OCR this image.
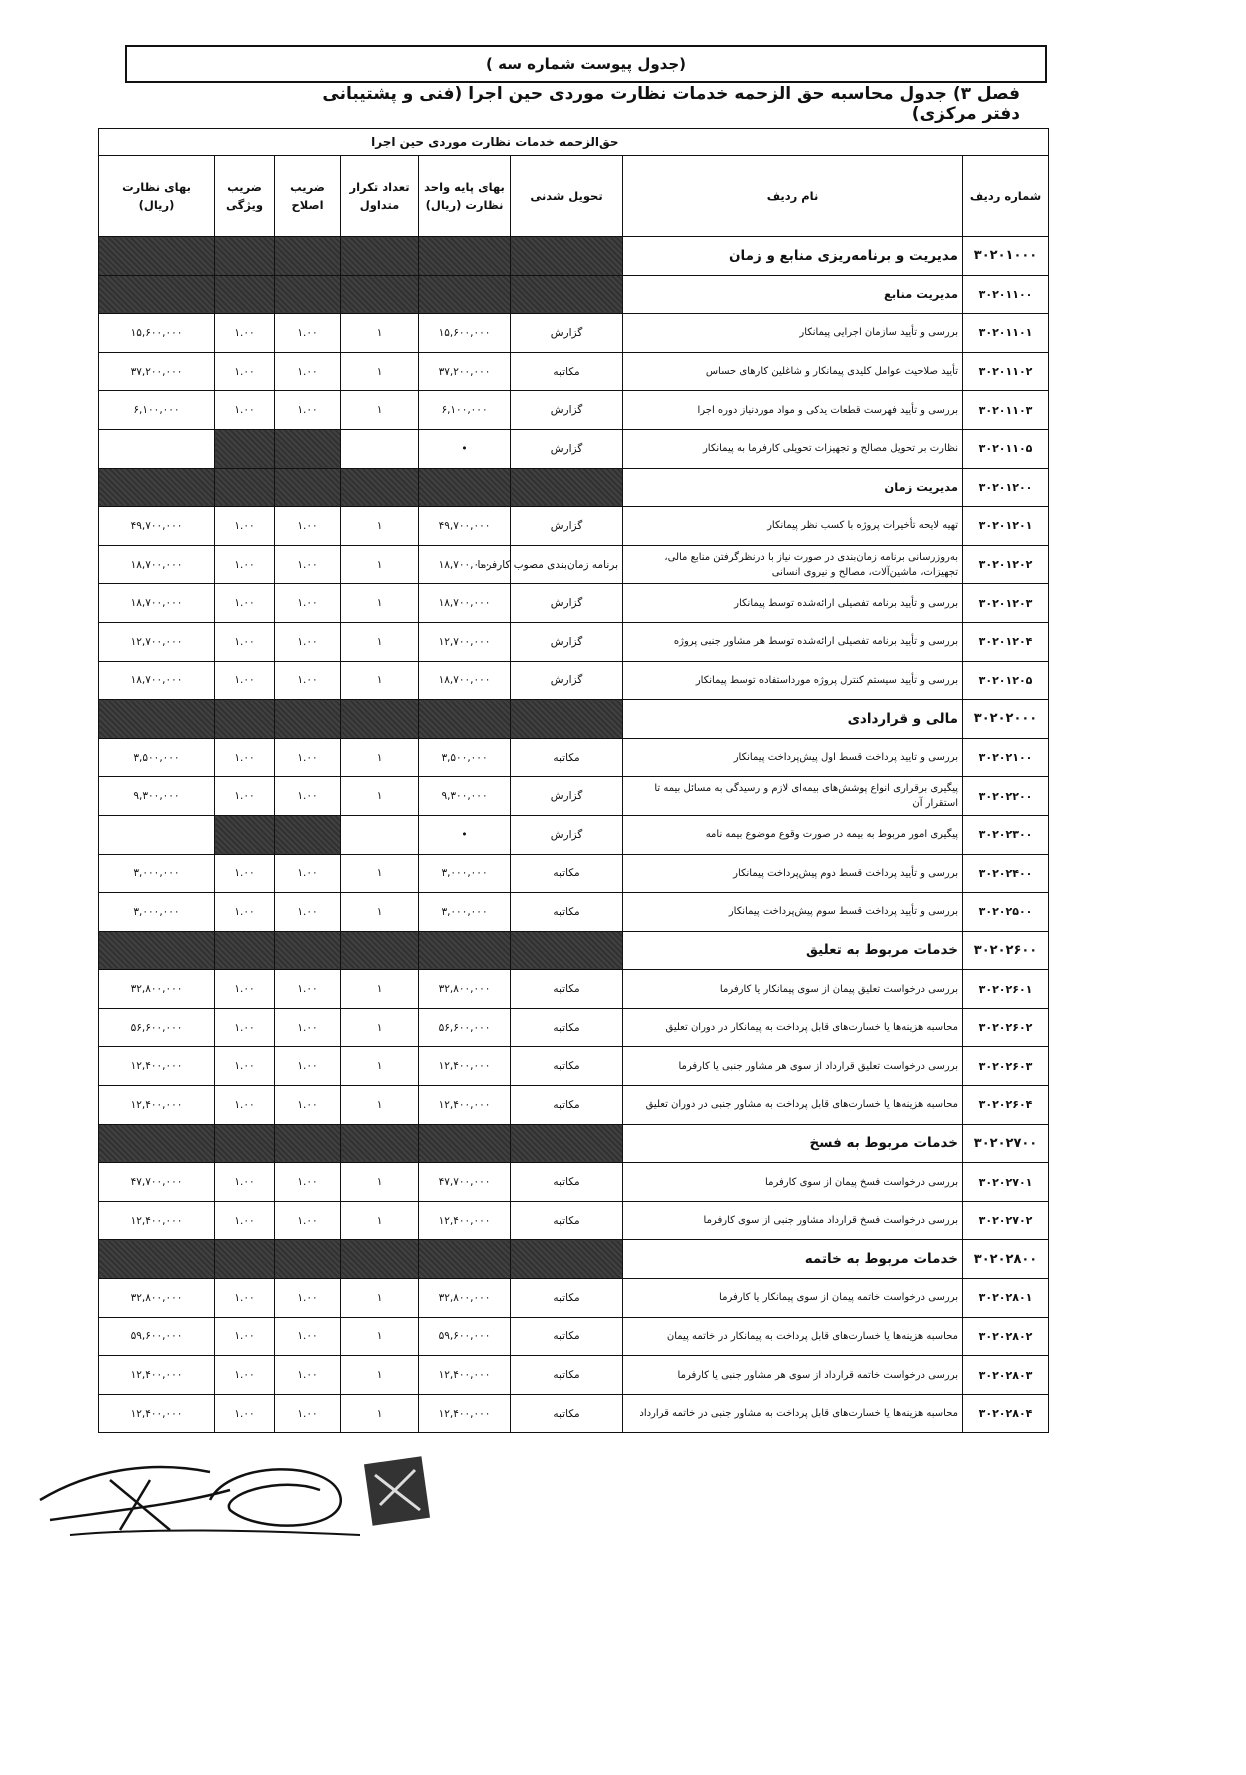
(جدول پیوست شماره سه )
فصل ۳) جدول محاسبه حق الزحمه خدمات نظارت موردی حین اجرا (فنی و پشتیبانی دفتر مرکزی)
		حق‌الزحمه خدمات نظارت موردی حین اجرا					
شماره ردیف	نام ردیف	تحویل شدنی	بهای پایه واحد نظارت (ریال)	تعداد تکرار متداول	ضریب اصلاح	ضریب ویژگی	بهای نظارت (ریال)
۳۰۲۰۱۰۰۰	مدیریت و برنامه‌ریزی منابع و زمان						
۳۰۲۰۱۱۰۰	مدیریت منابع						
۳۰۲۰۱۱۰۱	بررسی و تأیید سازمان اجرایی پیمانکار	گزارش	۱۵,۶۰۰,۰۰۰	۱	۱.۰۰	۱.۰۰	۱۵,۶۰۰,۰۰۰
۳۰۲۰۱۱۰۲	تأیید صلاحیت عوامل کلیدی پیمانکار و شاغلین کارهای حساس	مکاتبه	۳۷,۲۰۰,۰۰۰	۱	۱.۰۰	۱.۰۰	۳۷,۲۰۰,۰۰۰
۳۰۲۰۱۱۰۳	بررسی و تأیید فهرست قطعات یدکی و مواد موردنیاز دوره اجرا	گزارش	۶,۱۰۰,۰۰۰	۱	۱.۰۰	۱.۰۰	۶,۱۰۰,۰۰۰
۳۰۲۰۱۱۰۵	نظارت بر تحویل مصالح و تجهیزات تحویلی کارفرما به پیمانکار	گزارش	•				
۳۰۲۰۱۲۰۰	مدیریت زمان						
۳۰۲۰۱۲۰۱	تهیه لایحه تأخیرات پروژه با کسب نظر پیمانکار	گزارش	۴۹,۷۰۰,۰۰۰	۱	۱.۰۰	۱.۰۰	۴۹,۷۰۰,۰۰۰
۳۰۲۰۱۲۰۲	به‌روزرسانی برنامه زمان‌بندی در صورت نیاز با درنظرگرفتن منابع مالی، تجهیزات، ماشین‌آلات، مصالح و نیروی انسانی	برنامه زمان‌بندی مصوب کارفرما	۱۸,۷۰۰,۰۰۰	۱	۱.۰۰	۱.۰۰	۱۸,۷۰۰,۰۰۰
۳۰۲۰۱۲۰۳	بررسی و تأیید برنامه تفصیلی ارائه‌شده توسط پیمانکار	گزارش	۱۸,۷۰۰,۰۰۰	۱	۱.۰۰	۱.۰۰	۱۸,۷۰۰,۰۰۰
۳۰۲۰۱۲۰۴	بررسی و تأیید برنامه تفصیلی ارائه‌شده توسط هر مشاور جنبی پروژه	گزارش	۱۲,۷۰۰,۰۰۰	۱	۱.۰۰	۱.۰۰	۱۲,۷۰۰,۰۰۰
۳۰۲۰۱۲۰۵	بررسی و تأیید سیستم کنترل پروژه مورداستفاده توسط پیمانکار	گزارش	۱۸,۷۰۰,۰۰۰	۱	۱.۰۰	۱.۰۰	۱۸,۷۰۰,۰۰۰
۳۰۲۰۲۰۰۰	مالی و قراردادی						
۳۰۲۰۲۱۰۰	بررسی و تایید پرداخت قسط اول پیش‌پرداخت پیمانکار	مکاتبه	۳,۵۰۰,۰۰۰	۱	۱.۰۰	۱.۰۰	۳,۵۰۰,۰۰۰
۳۰۲۰۲۲۰۰	پیگیری برقراری انواع پوشش‌های بیمه‌ای لازم و رسیدگی به مسائل بیمه تا استقرار آن	گزارش	۹,۳۰۰,۰۰۰	۱	۱.۰۰	۱.۰۰	۹,۳۰۰,۰۰۰
۳۰۲۰۲۳۰۰	پیگیری امور مربوط به بیمه در صورت وقوع موضوع بیمه نامه	گزارش	•				
۳۰۲۰۲۴۰۰	بررسی و تأیید پرداخت قسط دوم پیش‌پرداخت پیمانکار	مکاتبه	۳,۰۰۰,۰۰۰	۱	۱.۰۰	۱.۰۰	۳,۰۰۰,۰۰۰
۳۰۲۰۲۵۰۰	بررسی و تأیید پرداخت قسط سوم پیش‌پرداخت پیمانکار	مکاتبه	۳,۰۰۰,۰۰۰	۱	۱.۰۰	۱.۰۰	۳,۰۰۰,۰۰۰
۳۰۲۰۲۶۰۰	خدمات مربوط به تعلیق						
۳۰۲۰۲۶۰۱	بررسی درخواست تعلیق پیمان از سوی پیمانکار یا کارفرما	مکاتبه	۳۲,۸۰۰,۰۰۰	۱	۱.۰۰	۱.۰۰	۳۲,۸۰۰,۰۰۰
۳۰۲۰۲۶۰۲	محاسبه هزینه‌ها یا خسارت‌های قابل پرداخت به پیمانکار در دوران تعلیق	مکاتبه	۵۶,۶۰۰,۰۰۰	۱	۱.۰۰	۱.۰۰	۵۶,۶۰۰,۰۰۰
۳۰۲۰۲۶۰۳	بررسی درخواست تعلیق قرارداد از سوی هر مشاور جنبی یا کارفرما	مکاتبه	۱۲,۴۰۰,۰۰۰	۱	۱.۰۰	۱.۰۰	۱۲,۴۰۰,۰۰۰
۳۰۲۰۲۶۰۴	محاسبه هزینه‌ها یا خسارت‌های قابل پرداخت به مشاور جنبی در دوران تعلیق	مکاتبه	۱۲,۴۰۰,۰۰۰	۱	۱.۰۰	۱.۰۰	۱۲,۴۰۰,۰۰۰
۳۰۲۰۲۷۰۰	خدمات مربوط به فسخ						
۳۰۲۰۲۷۰۱	بررسی درخواست فسخ پیمان از سوی کارفرما	مکاتبه	۴۷,۷۰۰,۰۰۰	۱	۱.۰۰	۱.۰۰	۴۷,۷۰۰,۰۰۰
۳۰۲۰۲۷۰۲	بررسی درخواست فسخ قرارداد مشاور جنبی از سوی کارفرما	مکاتبه	۱۲,۴۰۰,۰۰۰	۱	۱.۰۰	۱.۰۰	۱۲,۴۰۰,۰۰۰
۳۰۲۰۲۸۰۰	خدمات مربوط به خاتمه						
۳۰۲۰۲۸۰۱	بررسی درخواست خاتمه پیمان از سوی پیمانکار یا کارفرما	مکاتبه	۳۲,۸۰۰,۰۰۰	۱	۱.۰۰	۱.۰۰	۳۲,۸۰۰,۰۰۰
۳۰۲۰۲۸۰۲	محاسبه هزینه‌ها یا خسارت‌های قابل پرداخت به پیمانکار در خاتمه پیمان	مکاتبه	۵۹,۶۰۰,۰۰۰	۱	۱.۰۰	۱.۰۰	۵۹,۶۰۰,۰۰۰
۳۰۲۰۲۸۰۳	بررسی درخواست خاتمه قرارداد از سوی هر مشاور جنبی یا کارفرما	مکاتبه	۱۲,۴۰۰,۰۰۰	۱	۱.۰۰	۱.۰۰	۱۲,۴۰۰,۰۰۰
۳۰۲۰۲۸۰۴	محاسبه هزینه‌ها یا خسارت‌های قابل پرداخت به مشاور جنبی در خاتمه قرارداد	مکاتبه	۱۲,۴۰۰,۰۰۰	۱	۱.۰۰	۱.۰۰	۱۲,۴۰۰,۰۰۰
